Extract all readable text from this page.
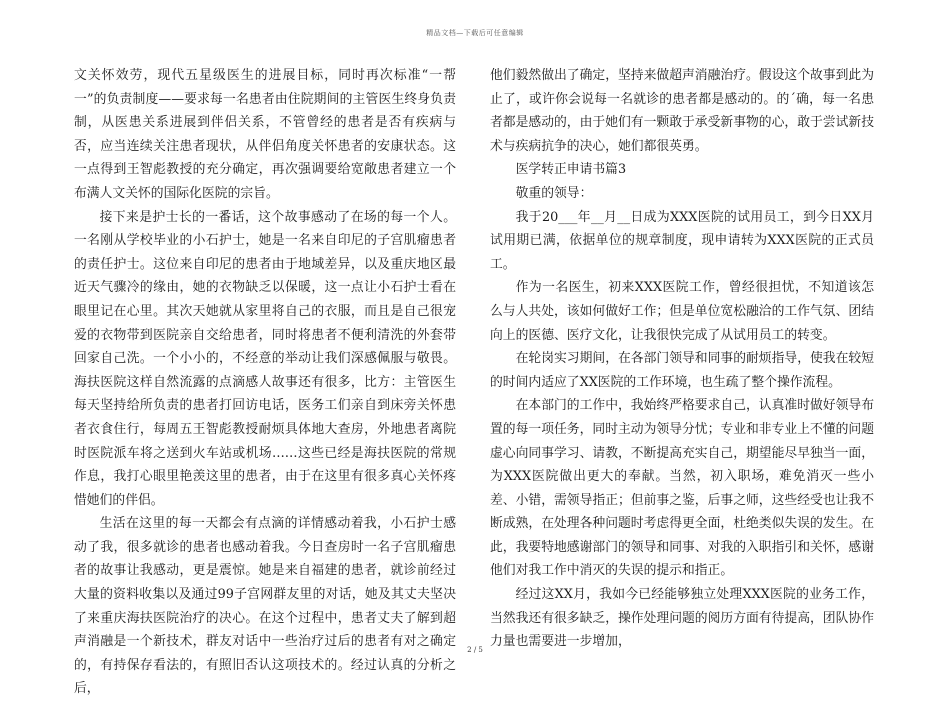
精品文档—下载后可任意编辑

文关怀效劳，现代五星级医生的进展目标，同时再次标准“一帮一”的负责制度——要求每一名患者由住院期间的主管医生终身负责制，从医患关系进展到伴侣关系，不管曾经的患者是否有疾病与否，应当连续关注患者现状，从伴侣角度关怀患者的安康状态。这一点得到王智彪教授的充分确定，再次强调要给宽敞患者建立一个布满人文关怀的国际化医院的宗旨。

接下来是护士长的一番话，这个故事感动了在场的每一个人。一名刚从学校毕业的小石护士，她是一名来自印尼的子宫肌瘤患者的责任护士。这位来自印尼的患者由于地域差异，以及重庆地区最近天气骤冷的缘由，她的衣物缺乏以保暖，这一点让小石护士看在眼里记在心里。其次天她就从家里将自己的衣服，而且是自己很宠爱的衣物带到医院亲自交给患者，同时将患者不便利清洗的外套带回家自己洗。一个小小的，不经意的举动让我们深感佩服与敬畏。海扶医院这样自然流露的点滴感人故事还有很多，比方：主管医生每天坚持给所负责的患者打回访电话，医务工们亲自到床旁关怀患者衣食住行，每周五王智彪教授耐烦具体地大查房，外地患者离院时医院派车将之送到火车站或机场……这些已经是海扶医院的常规作息，我打心眼里艳羡这里的患者，由于在这里有很多真心关怀疼惜她们的伴侣。

生活在这里的每一天都会有点滴的详情感动着我，小石护士感动了我，很多就诊的患者也感动着我。今日查房时一名子宫肌瘤患者的故事让我感动，更是震惊。她是来自福建的患者，就诊前经过大量的资料收集以及通过99子宫网群友里的对话，她及其丈夫坚决了来重庆海扶医院治疗的决心。在这个过程中，患者丈夫了解到超声消融是一个新技术，群友对话中一些治疗过后的患者有对之确定的，有持保存看法的，有照旧否认这项技术的。经过认真的分析之后，

他们毅然做出了确定，坚持来做超声消融治疗。假设这个故事到此为止了，或许你会说每一名就诊的患者都是感动的。的´确，每一名患者都是感动的，由于她们有一颗敢于承受新事物的心，敢于尝试新技术与疾病抗争的决心，她们都很英勇。

医学转正申请书篇3

敬重的领导：

我于20___年__月__日成为XXX医院的试用员工，到今日XX月试用期已满，依据单位的规章制度，现申请转为XXX医院的正式员工。

作为一名医生，初来XXX医院工作，曾经很担忧，不知道该怎么与人共处，该如何做好工作；但是单位宽松融洽的工作气氛、团结向上的医德、医疗文化，让我很快完成了从试用员工的转变。

在轮岗实习期间，在各部门领导和同事的耐烦指导，使我在较短的时间内适应了XX医院的工作环境，也生疏了整个操作流程。

在本部门的工作中，我始终严格要求自己，认真准时做好领导布置的每一项任务，同时主动为领导分忧；专业和非专业上不懂的问题虚心向同事学习、请教，不断提高充实自己，期望能尽早独当一面，为XXX医院做出更大的奉献。当然，初入职场，难免消灭一些小差、小错，需领导指正；但前事之鉴，后事之师，这些经受也让我不断成熟，在处理各种问题时考虑得更全面，杜绝类似失误的发生。在此，我要特地感谢部门的领导和同事、对我的入职指引和关怀，感谢他们对我工作中消灭的失误的提示和指正。

经过这XX月，我如今已经能够独立处理XXX医院的业务工作，当然我还有很多缺乏，操作处理问题的阅历方面有待提高，团队协作力量也需要进一步增加，

2 / 5
